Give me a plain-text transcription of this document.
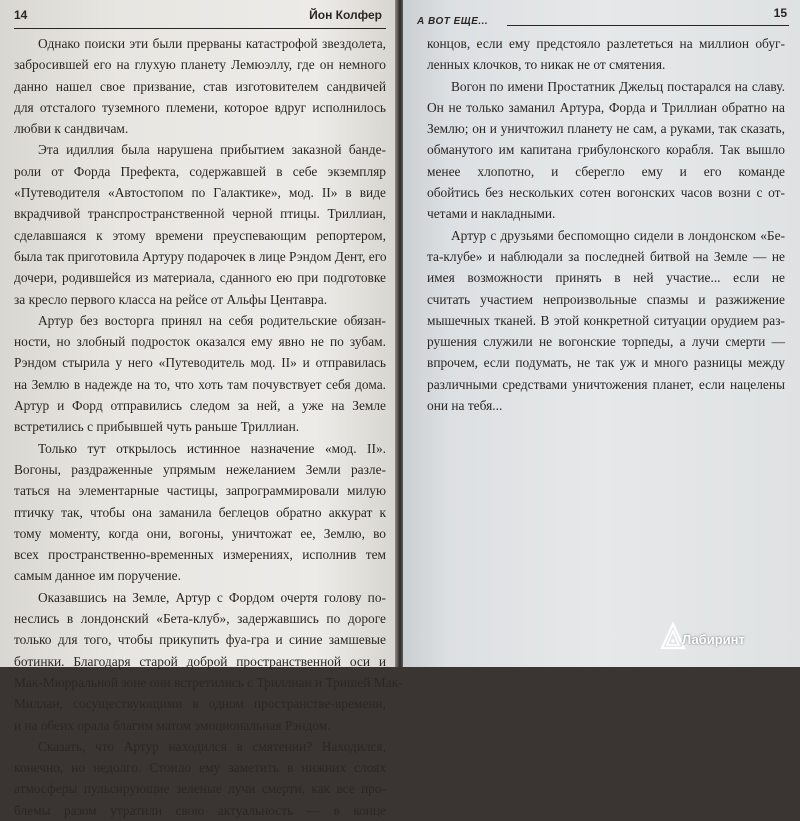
14	Йон Колфер
Однако поиски эти были прерваны катастрофой звездолета,
забросившей его на глухую планету Лемюэллу, где он немного
данно нашел свое призвание, став изготовителем сандвичей
для отсталого туземного племени, которое вдруг исполнилось
любви к сандвичам.
Эта идиллия была нарушена прибытием заказной банде-
роли от Форда Префекта, содержавшей в себе экземпляр
«Путеводителя «Автостопом по Галактике», мод. II» в виде
вкрадчивой транспространственной черной птицы. Триллиан,
сделавшаяся к этому времени преуспевающим репортером,
была так приготовила Артуру подарочек в лице Рэндом Дент, его
дочери, родившейся из материала, сданного ею при подготовке
за кресло первого класса на рейсе от Альфы Центавра.
Артур без восторга принял на себя родительские обязан-
ности, но злобный подросток оказался ему явно не по зубам.
Рэндом стырила у него «Путеводитель мод. II» и отправилась
на Землю в надежде на то, что хоть там почувствует себя дома.
Артур и Форд отправились следом за ней, а уже на Земле
встретились с прибывшей чуть раньше Триллиан.
Только тут открылось истинное назначение «мод. II».
Вогоны, раздраженные упрямым нежеланием Земли разле-
таться на элементарные частицы, запрограммировали милую
птичку так, чтобы она заманила беглецов обратно аккурат к
тому моменту, когда они, вогоны, уничтожат ее, Землю, во
всех пространственно-временных измерениях, исполнив тем
самым данное им поручение.
Оказавшись на Земле, Артур с Фордом очертя голову по-
неслись в лондонский «Бета-клуб», задержавшись по дороге
только для того, чтобы прикупить фуа-гра и синие замшевые
ботинки. Благодаря старой доброй пространственной оси и
Мак-Мюрральной зоне они встретились с Триллиан и Тришей Мак-
Миллан, сосуществующими в одном пространстве-времени,
и на обеих орала благим матом эмоциональная Рэндом.
Сказать, что Артур находился в смятении? Находился,
конечно, но недолго. Стоило ему заметить в нижних слоях
атмосферы пульсирующие зеленые лучи смерти, как все про-
блемы разом утратили свою актуальность — в конце
А ВОТ ЕЩЕ...
15
концов, если ему предстояло разлететься на миллион обуг-
ленных клочков, то никак не от смятения.
Вогон по имени Простатник Джельц постарался на славу.
Он не только заманил Артура, Форда и Триллиан обратно на
Землю; он и уничтожил планету не сам, а руками, так сказать,
обманутого им капитана грибулонского корабля. Так вышло
менее хлопотно, и сберегло ему и его команде
обойтись без нескольких сотен вогонских часов возни с от-
четами и накладными.
Артур с друзьями беспомощно сидели в лондонском «Бе-
та-клубе» и наблюдали за последней битвой на Земле — не
имея возможности принять в ней участие... если не
считать участием непроизвольные спазмы и разжижение
мышечных тканей. В этой конкретной ситуации орудием раз-
рушения служили не вогонские торпеды, а лучи смерти —
впрочем, если подумать, не так уж и много разницы между
различными средствами уничтожения планет, если нацелены
они на тебя...
Лабиринт
